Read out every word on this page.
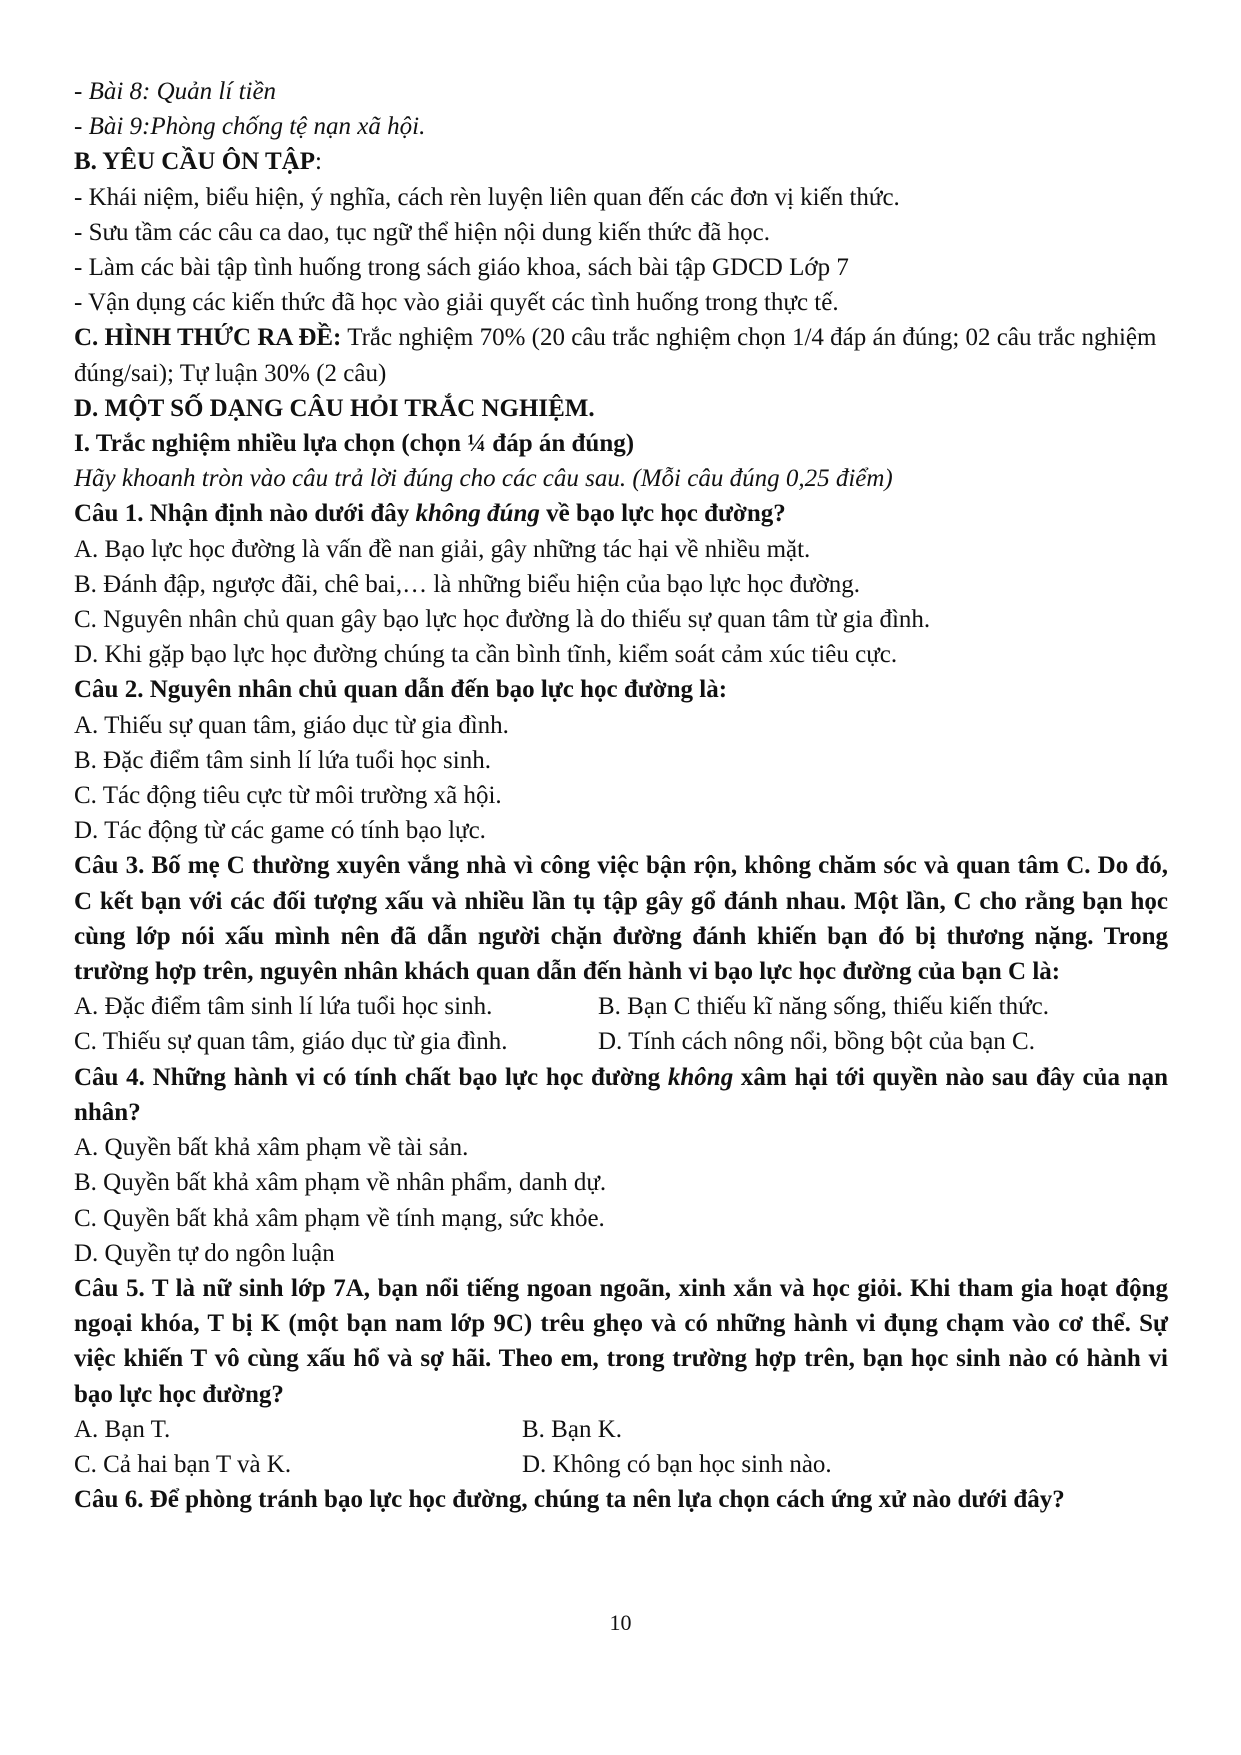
- Bài 8: Quản lí tiền

- Bài 9:Phòng chống tệ nạn xã hội.

B. YÊU CẦU ÔN TẬP:

- Khái niệm, biểu hiện, ý nghĩa, cách rèn luyện liên quan đến các đơn vị kiến thức.

- Sưu tầm các câu ca dao, tục ngữ thể hiện nội dung kiến thức đã học.

- Làm các bài tập tình huống trong sách giáo khoa, sách bài tập GDCD Lớp 7

- Vận dụng các kiến thức đã học vào giải quyết các tình huống trong thực tế.

C. HÌNH THỨC RA ĐỀ: Trắc nghiệm 70% (20 câu trắc nghiệm chọn 1/4 đáp án đúng; 02 câu trắc nghiệm đúng/sai); Tự luận 30% (2 câu)

D. MỘT SỐ DẠNG CÂU HỎI TRẮC NGHIỆM.

I. Trắc nghiệm nhiều lựa chọn (chọn ¼ đáp án đúng)

Hãy khoanh tròn vào câu trả lời đúng cho các câu sau. (Mỗi câu đúng 0,25 điểm)

Câu 1. Nhận định nào dưới đây không đúng về bạo lực học đường?

A. Bạo lực học đường là vấn đề nan giải, gây những tác hại về nhiều mặt.

B. Đánh đập, ngược đãi, chê bai,… là những biểu hiện của bạo lực học đường.

C. Nguyên nhân chủ quan gây bạo lực học đường là do thiếu sự quan tâm từ gia đình.

D. Khi gặp bạo lực học đường chúng ta cần bình tĩnh, kiểm soát cảm xúc tiêu cực.

Câu 2. Nguyên nhân chủ quan dẫn đến bạo lực học đường là:

A. Thiếu sự quan tâm, giáo dục từ gia đình.

B. Đặc điểm tâm sinh lí lứa tuổi học sinh.

C. Tác động tiêu cực từ môi trường xã hội.

D. Tác động từ các game có tính bạo lực.

Câu 3. Bố mẹ C thường xuyên vắng nhà vì công việc bận rộn, không chăm sóc và quan tâm C. Do đó, C kết bạn với các đối tượng xấu và nhiều lần tụ tập gây gổ đánh nhau. Một lần, C cho rằng bạn học cùng lớp nói xấu mình nên đã dẫn người chặn đường đánh khiến bạn đó bị thương nặng. Trong trường hợp trên, nguyên nhân khách quan dẫn đến hành vi bạo lực học đường của bạn C là:

A. Đặc điểm tâm sinh lí lứa tuổi học sinh.	B. Bạn C thiếu kĩ năng sống, thiếu kiến thức.
C. Thiếu sự quan tâm, giáo dục từ gia đình.	D. Tính cách nông nổi, bồng bột của bạn C.

Câu 4. Những hành vi có tính chất bạo lực học đường không xâm hại tới quyền nào sau đây của nạn nhân?

A. Quyền bất khả xâm phạm về tài sản.

B. Quyền bất khả xâm phạm về nhân phẩm, danh dự.

C. Quyền bất khả xâm phạm về tính mạng, sức khỏe.

D. Quyền tự do ngôn luận

Câu 5. T là nữ sinh lớp 7A, bạn nổi tiếng ngoan ngoãn, xinh xắn và học giỏi. Khi tham gia hoạt động ngoại khóa, T bị K (một bạn nam lớp 9C) trêu ghẹo và có những hành vi đụng chạm vào cơ thể. Sự việc khiến T vô cùng xấu hổ và sợ hãi. Theo em, trong trường hợp trên, bạn học sinh nào có hành vi bạo lực học đường?

A. Bạn T.	B. Bạn K.
C. Cả hai bạn T và K.	D. Không có bạn học sinh nào.

Câu 6. Để phòng tránh bạo lực học đường, chúng ta nên lựa chọn cách ứng xử nào dưới đây?

10
